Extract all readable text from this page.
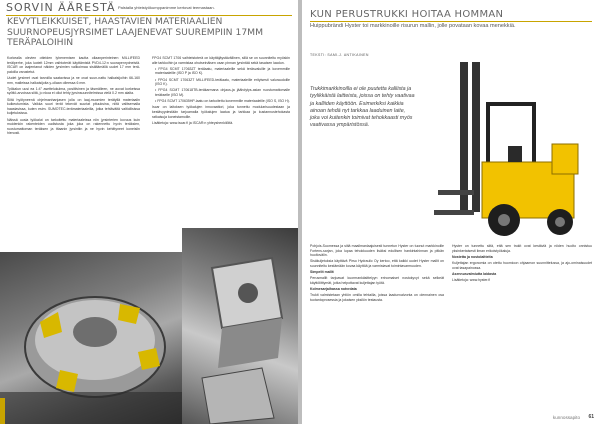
SORVIN ÄÄRESTÄ Palstalla yhteistyökumppanimme kertovat teemastaan.
KEVYTLEIKKUISET, HAASTAVIEN MATERIAALIEN SUURNOPEUSJYRSIMET LAAJENEVAT SUUREMPIIN 17MM TERÄPALOIHIN

Korkealla olevien otteiden lyhenemisen kautta ollaanperinteinen MILLIFEED terälperhe, joka luoteit 12mm vaihtoterät käyttämistä PVD4-12:n suorapenrydneistä. ISCAR on laajentanut näiden jyrsimien valikoimaa sisältämällä uudet 17 mm terä-paloilla varustetut.

Uudet jyrsimet ovat tarvoilla saatavissa ja ne ovat suun-nattu halkaisijoihin 66-160 mm, malleissa halkaisijoita y-ollaan olleessa 6 mm.

Työkalun uusi ea 1:4° asettelukulma, positiivinen ja täsmälleen, ne aovat korkeissa syöttö-arvoissa siitä, jo nkoa ei ollut tehty jyrsinsuunnitelmissa vielä 0.2 mm alalta.

Siitä hyötyneenä ohjelmanhanjasen jolla on laaj-muomien terätyllä materiaalin kulkeutumista. Vaikka suuri terät tekevät suuriat pituuksina, niitä valitsemalla haastavissa, kuten esim. SUMOTEC-terämateriaaleilla, jotka tehtäväitä valtiollisissa kuljetuksissa.

Näissä uusia työkalut on tarkoitettu materiaaleissa niin jyrsinterien kovuus kuin muidenkin rakenteiden uudistusta joka joka on rakennettu hyvin teräksien, ruostumattoman teräksen ja titaanin jyrsintiin ja ne hyvin kehittyneet koneisiin hienosti.

FPG4 SCMT 1706 vaihteistoterä on käyttäjäystävällinen, sillä se on suunniteltu myöskin alle tarkkoihin ja varmistaa ohutseinäisen osan pinnan jyrsintää sekä tasaisen laadun.

• FPG4 SCMT 17063ZT terälaatu, materiaaleille sekä teräsvaluille ja kovemmille materiaaleille (ISO P ja ISO K).

• FPG4 SCMT 17063ZT MILLIFEED-terälaatu, materiaaleille erityisesti valuraudoille (ISO K).

• FPG4 SCMT 170618TB-teräkarmana ohjaus-ja jäähdytys-asian ruostumattomalle teräkselle (ISO M).

• FPG4 SCMT 170635HP-laatu on tarkoitettu kovemmille materiaaleille (ISO S, ISO H).

Iscar on laitoksen työkalujen innovaattori, joka tunnettu modularisuudestaan ja kestävyydestään tarjoamalla työkalujen laatua ja tarkkaa ja kustannustehokasta ratkaisuja koneistamoille.

Lisätietoja: www.iscar.fi ja ISCAR:n yhteyshenkilöltä.

KUN PERUSTRUKKI HOITAA HOMMAN
Huippubrändi Hyster toi markkinoille risurun mallin, jolle povataan kovaa menekkiä.
TEKSTI: SAMI-J. ANTIKAINEN
Trukkimarkkinoilla ei ole puutetta kalliista ja tyylikkäistä laitteista, joissa on tehty vaativaa ja kalliiden käyttöön. Esimerkiksi kaikkia ainoan tehdä nyt tarkkaa laaduinen laite, joka voi kuitenkin toimivat tehokkaasti myös vaativassa ympäristössä.

Pohjois-Suomessa ja siitä maailmanlaajuisesti tunnetun Hyster on tuonut markkinoille Fortens-sarjan, joka lupaa tehokkuuden lisäksi edullisen hankintahinnan ja pitkän huoltovälin.

Sisäkuljetuksia käyttävä Pirso Hydraulic Oy kertoo, että kaikki uudet Hyster mallit on suunniteltu kestämään kovaa käyttöä ja varmistavat toimintavarmuuden.

Simpelit mallit

Perusmallit tarjoavat kuormankäsittelyyn erinomaiset nostokyvyt sekä selkeät käyttöliittymät, jotka helpottavat kuljettajan työtä.

Kolmesarjaihassa notvrdata

Trukit valmistetaan yhtiön omilla tehtailla, joissa laadunvalvonta on olennainen osa tuotantoprosessia ja jokaisen yksilön testausta.

Hyster on tunnettu siitä, että sen trukit ovat kestäviä ja niiden huolto onnistuu yksinkertaisesti ilman erikoistyökaluja.

Nostetta ja nostolaitteita

Kuljettajan ergonomia on otettu huomioon ohjaamon suunnittelussa, ja ajo-ominaisuudet ovat tasapainossa.

Asennusvalmiutta laidasta

Lisätietoja: www.hyster.fi

kunnossapito 61
